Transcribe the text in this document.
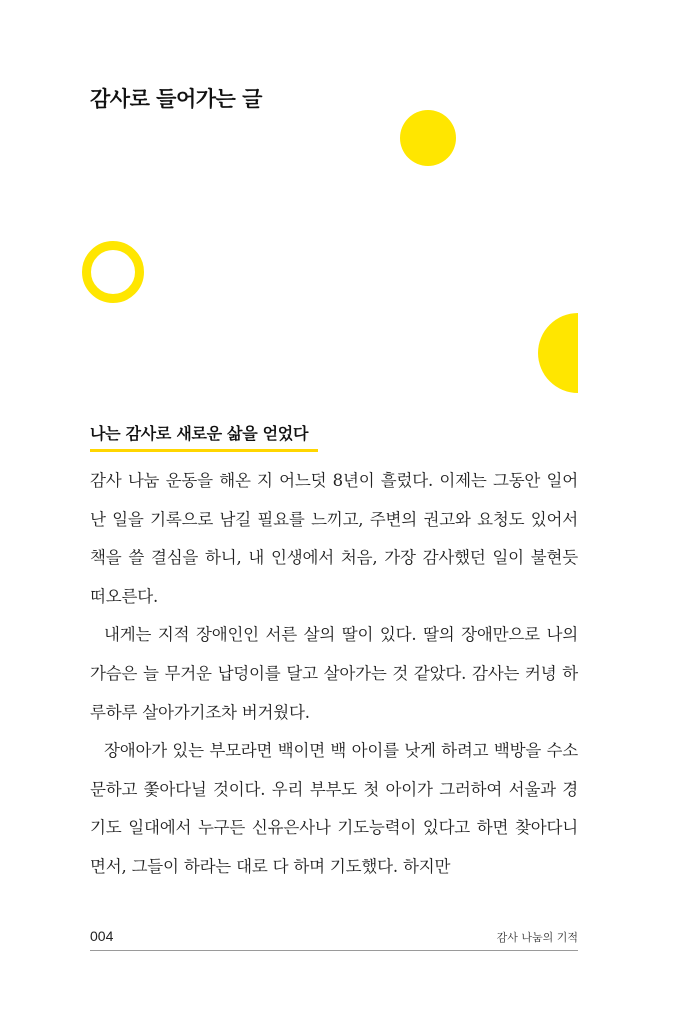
감사로 들어가는 글
나는 감사로 새로운 삶을 얻었다

감사 나눔 운동을 해온 지 어느덧 8년이 흘렀다. 이제는 그동안 일어난 일을 기록으로 남길 필요를 느끼고, 주변의 권고와 요청도 있어서 책을 쓸 결심을 하니, 내 인생에서 처음, 가장 감사했던 일이 불현듯 떠오른다.

내게는 지적 장애인인 서른 살의 딸이 있다. 딸의 장애만으로 나의 가슴은 늘 무거운 납덩이를 달고 살아가는 것 같았다. 감사는 커녕 하루하루 살아가기조차 버거웠다.

장애아가 있는 부모라면 백이면 백 아이를 낫게 하려고 백방을 수소문하고 쫓아다닐 것이다. 우리 부부도 첫 아이가 그러하여 서울과 경기도 일대에서 누구든 신유은사나 기도능력이 있다고 하면 찾아다니면서, 그들이 하라는 대로 다 하며 기도했다. 하지만

004	감사 나눔의 기적
